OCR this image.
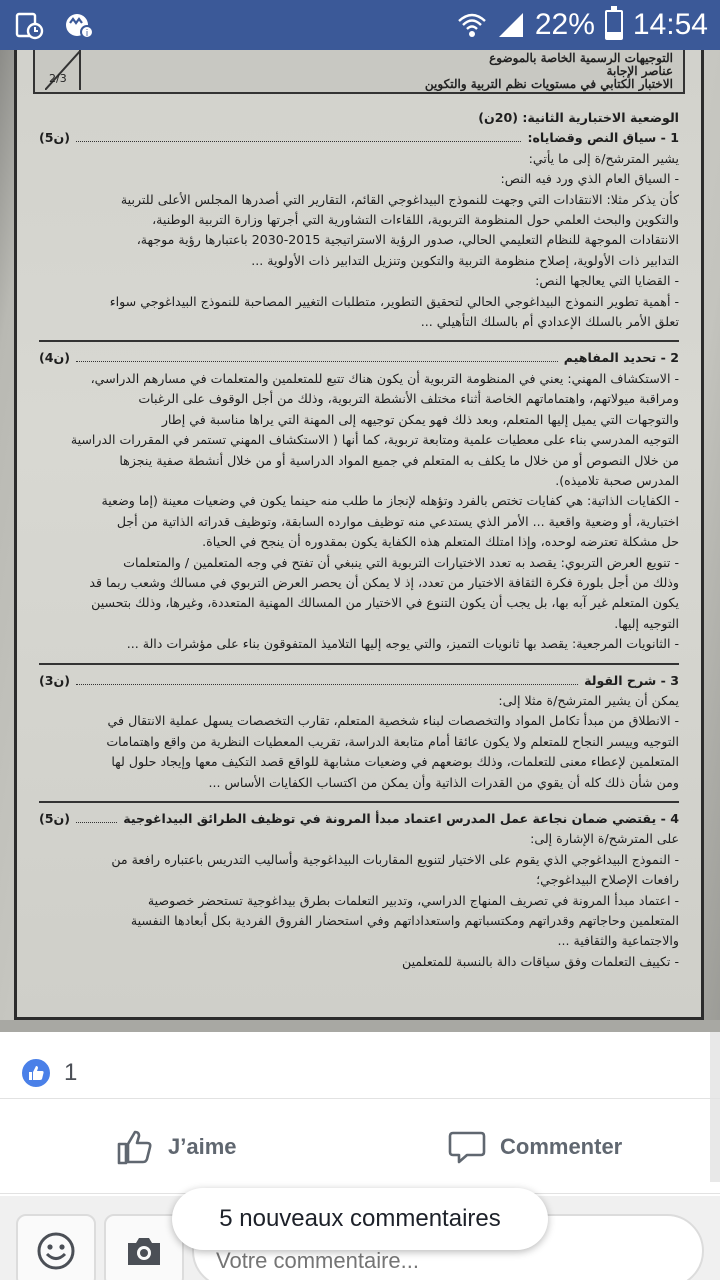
i	22% 14:54
2/3
التوجيهات الرسمية الخاصة بالموضوع
عناصر الإجابة
الاختبار الكتابي في مستويات نظم التربية والتكوين

الوضعية الاختبارية الثانية: (20ن)

1 - سياق النص وقضاياه:
(5ن)

يشير المترشح/ة إلى ما يأتي:

- السياق العام الذي ورد فيه النص:

كأن يذكر مثلا: الانتقادات التي وجهت للنموذج البيداغوجي القائم، التقارير التي أصدرها المجلس الأعلى للتربية

والتكوين والبحث العلمي حول المنظومة التربوية، اللقاءات التشاورية التي أجرتها وزارة التربية الوطنية،

الانتقادات الموجهة للنظام التعليمي الحالي، صدور الرؤية الاستراتيجية 2015-2030 باعتبارها رؤية موجهة،

التدابير ذات الأولوية، إصلاح منظومة التربية والتكوين وتنزيل التدابير ذات الأولوية ...

- القضايا التي يعالجها النص:

- أهمية تطوير النموذج البيداغوجي الحالي لتحقيق التطوير، متطلبات التغيير المصاحبة للنموذج البيداغوجي سواء

تعلق الأمر بالسلك الإعدادي أم بالسلك التأهيلي ...

2 - تحديد المفاهيم
(4ن)

- الاستكشاف المهني: يعني في المنظومة التربوية أن يكون هناك تتبع للمتعلمين والمتعلمات في مسارهم الدراسي،

ومراقبة ميولاتهم، واهتماماتهم الخاصة أثناء مختلف الأنشطة التربوية، وذلك من أجل الوقوف على الرغبات

والتوجهات التي يميل إليها المتعلم، وبعد ذلك فهو يمكن توجيهه إلى المهنة التي يراها مناسبة في إطار

التوجيه المدرسي بناء على معطيات علمية ومتابعة تربوية، كما أنها ( الاستكشاف المهني تستمر في المقررات الدراسية

من خلال النصوص أو من خلال ما يكلف به المتعلم في جميع المواد الدراسية أو من خلال أنشطة صفية ينجزها

المدرس صحبة تلاميذه).

- الكفايات الذاتية: هي كفايات تختص بالفرد وتؤهله لإنجاز ما طلب منه حينما يكون في وضعيات معينة (إما وضعية

اختبارية، أو وضعية واقعية ... الأمر الذي يستدعي منه توظيف موارده السابقة، وتوظيف قدراته الذاتية من أجل

حل مشكلة تعترضه لوحده، وإذا امتلك المتعلم هذه الكفاية يكون بمقدوره أن ينجح في الحياة.

- تنويع العرض التربوي: يقصد به تعدد الاختيارات التربوية التي ينبغي أن تفتح في وجه المتعلمين / والمتعلمات

وذلك من أجل بلورة فكرة الثقافة الاختيار من تعدد، إذ لا يمكن أن يحصر العرض التربوي في مسالك وشعب ربما قد

يكون المتعلم غير آبه بها، بل يجب أن يكون التنوع في الاختيار من المسالك المهنية المتعددة، وغيرها، وذلك بتحسين

التوجيه إليها.

- الثانويات المرجعية: يقصد بها ثانويات التميز، والتي يوجه إليها التلاميذ المتفوقون بناء على مؤشرات دالة ...

3 - شرح القولة
(3ن)

يمكن أن يشير المترشح/ة مثلا إلى:

- الانطلاق من مبدأ تكامل المواد والتخصصات لبناء شخصية المتعلم، تقارب التخصصات يسهل عملية الانتقال في

التوجيه وييسر النجاح للمتعلم ولا يكون عائقا أمام متابعة الدراسة، تقريب المعطيات النظرية من واقع واهتمامات

المتعلمين لإعطاء معنى للتعلمات، وذلك بوضعهم في وضعيات مشابهة للواقع قصد التكيف معها وإيجاد حلول لها

ومن شأن ذلك كله أن يقوي من القدرات الذاتية وأن يمكن من اكتساب الكفايات الأساس ...

4 - يقتضي ضمان نجاعة عمل المدرس اعتماد مبدأ المرونة في توظيف الطرائق البيداغوجية
(5ن)

على المترشح/ة الإشارة إلى:

- النموذج البيداغوجي الذي يقوم على الاختيار لتنويع المقاربات البيداغوجية وأساليب التدريس باعتباره رافعة من

رافعات الإصلاح البيداغوجي؛

- اعتماد مبدأ المرونة في تصريف المنهاج الدراسي، وتدبير التعلمات بطرق بيداغوجية تستحضر خصوصية

المتعلمين وحاجاتهم وقدراتهم ومكتسباتهم واستعداداتهم وفي استحضار الفروق الفردية بكل أبعادها النفسية

والاجتماعية والثقافية ...

- تكييف التعلمات وفق سياقات دالة بالنسبة للمتعلمين

1
J’aime	Commenter
Votre commentaire...
5 nouveaux commentaires
